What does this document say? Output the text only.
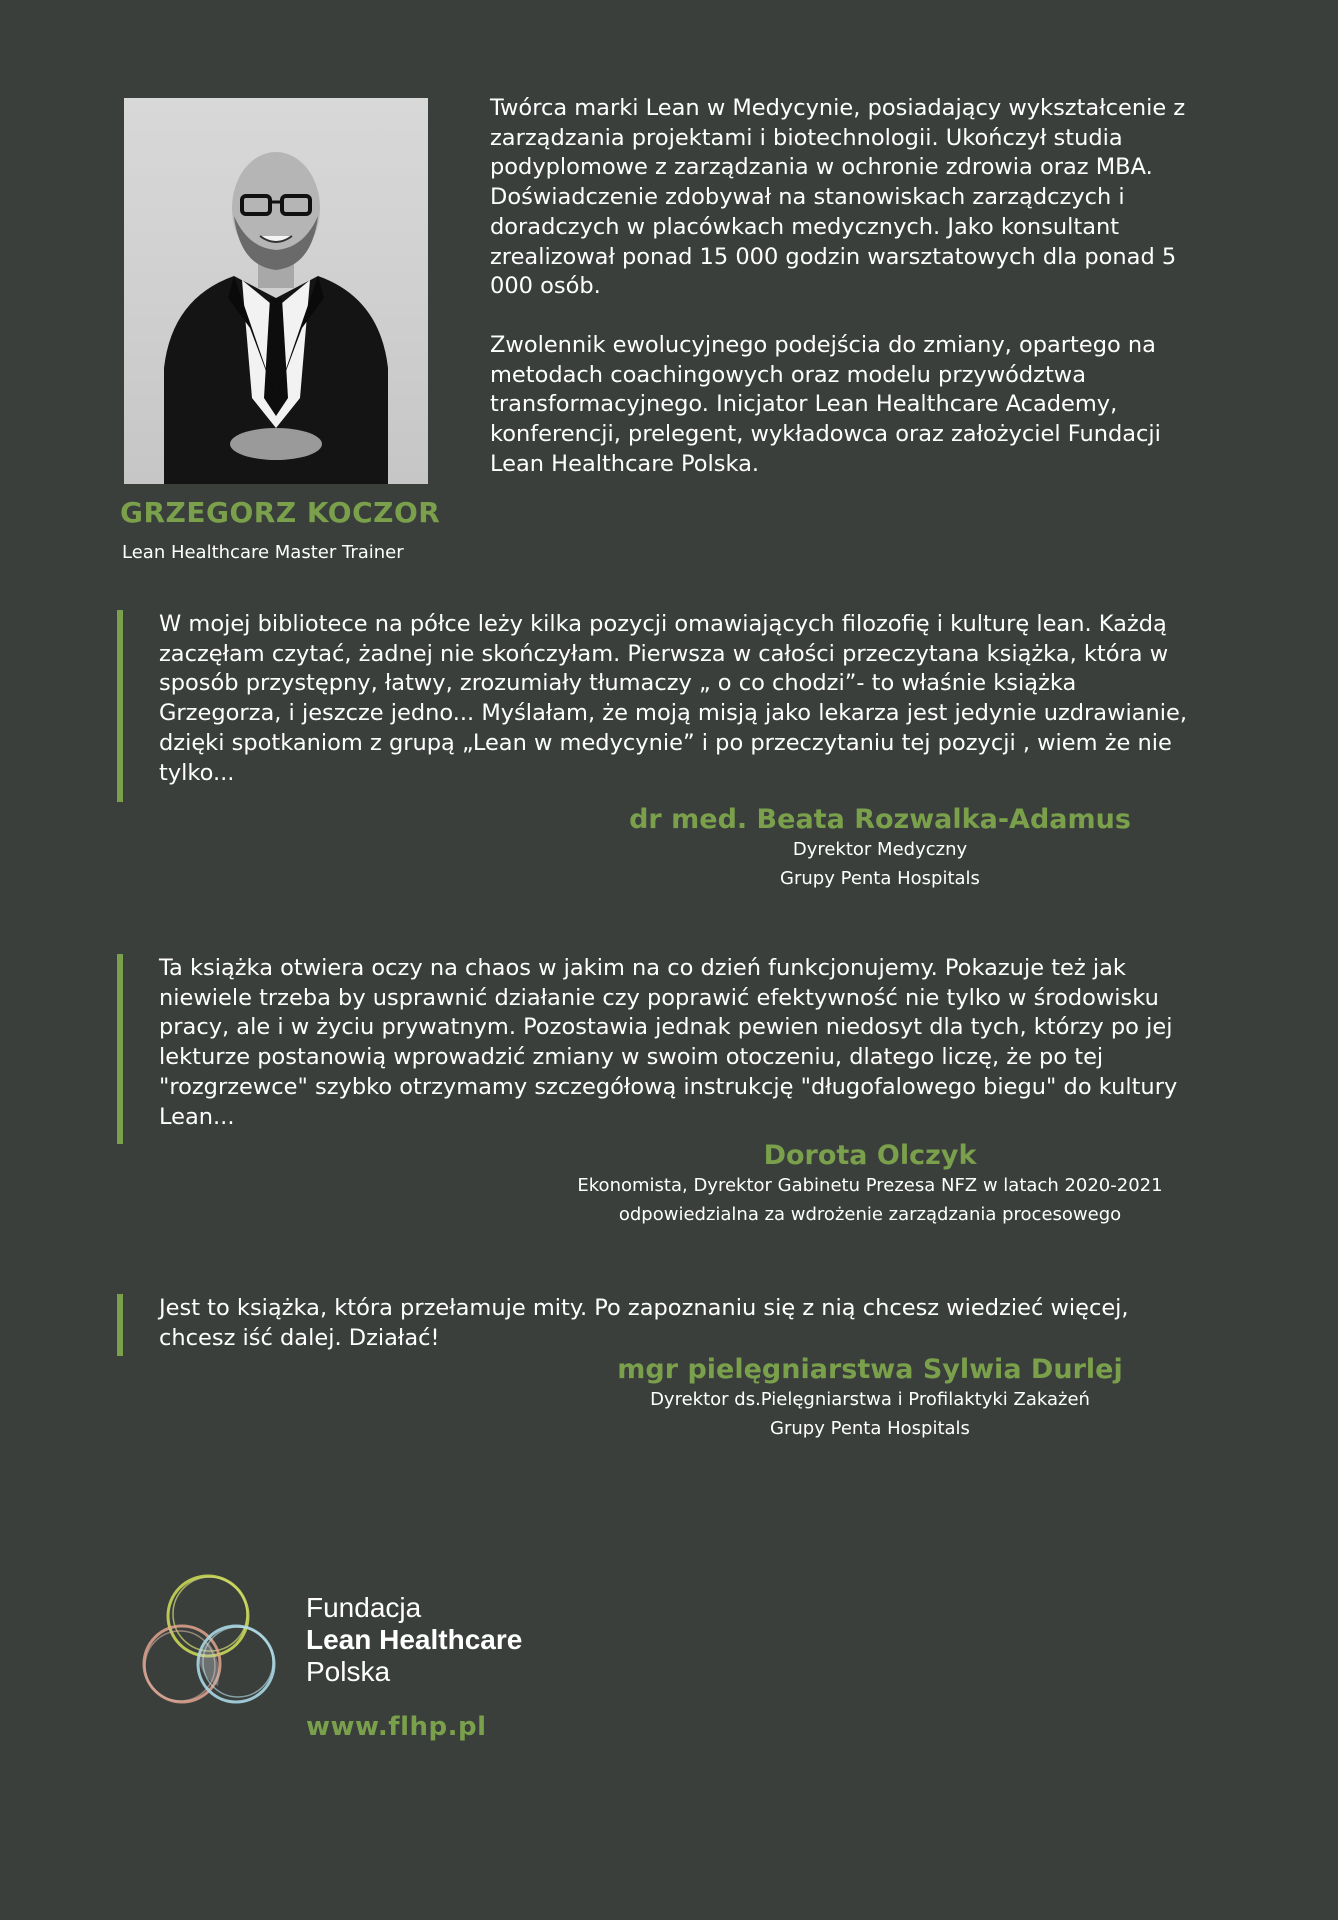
GRZEGORZ KOCZOR
Lean Healthcare Master Trainer

Twórca marki Lean w Medycynie, posiadający wykształcenie z zarządzania projektami i biotechnologii. Ukończył studia podyplomowe z zarządzania w ochronie zdrowia oraz MBA. Doświadczenie zdobywał na stanowiskach zarządczych i doradczych w placówkach medycznych. Jako konsultant zrealizował ponad 15 000 godzin warsztatowych dla ponad 5 000 osób.

Zwolennik ewolucyjnego podejścia do zmiany, opartego na metodach coachingowych oraz modelu przywództwa transformacyjnego. Inicjator Lean Healthcare Academy, konferencji, prelegent, wykładowca oraz założyciel Fundacji Lean Healthcare Polska.

W mojej bibliotece na półce leży kilka pozycji omawiających filozofię i kulturę lean. Każdą zaczęłam czytać, żadnej nie skończyłam. Pierwsza w całości przeczytana książka, która w sposób przystępny, łatwy, zrozumiały tłumaczy „ o co chodzi”- to właśnie książka Grzegorza, i jeszcze jedno... Myślałam, że moją misją jako lekarza jest jedynie uzdrawianie, dzięki spotkaniom z grupą „Lean w medycynie” i po przeczytaniu tej pozycji , wiem że nie tylko...
dr med. Beata Rozwalka-Adamus
Dyrektor Medyczny
Grupy Penta Hospitals
Ta książka otwiera oczy na chaos w jakim na co dzień funkcjonujemy. Pokazuje też jak niewiele trzeba by usprawnić działanie czy poprawić efektywność nie tylko w środowisku pracy, ale i w życiu prywatnym. Pozostawia jednak pewien niedosyt dla tych, którzy po jej lekturze postanowią wprowadzić zmiany w swoim otoczeniu, dlatego liczę, że po tej "rozgrzewce" szybko otrzymamy szczegółową instrukcję "długofalowego biegu" do kultury Lean...
Dorota Olczyk
Ekonomista, Dyrektor Gabinetu Prezesa NFZ w latach 2020-2021
odpowiedzialna za wdrożenie zarządzania procesowego
Jest to książka, która przełamuje mity. Po zapoznaniu się z nią chcesz wiedzieć więcej, chcesz iść dalej. Działać!
mgr pielęgniarstwa Sylwia Durlej
Dyrektor ds.Pielęgniarstwa i Profilaktyki Zakażeń
Grupy Penta Hospitals
Fundacja
Lean Healthcare
Polska
www.flhp.pl
